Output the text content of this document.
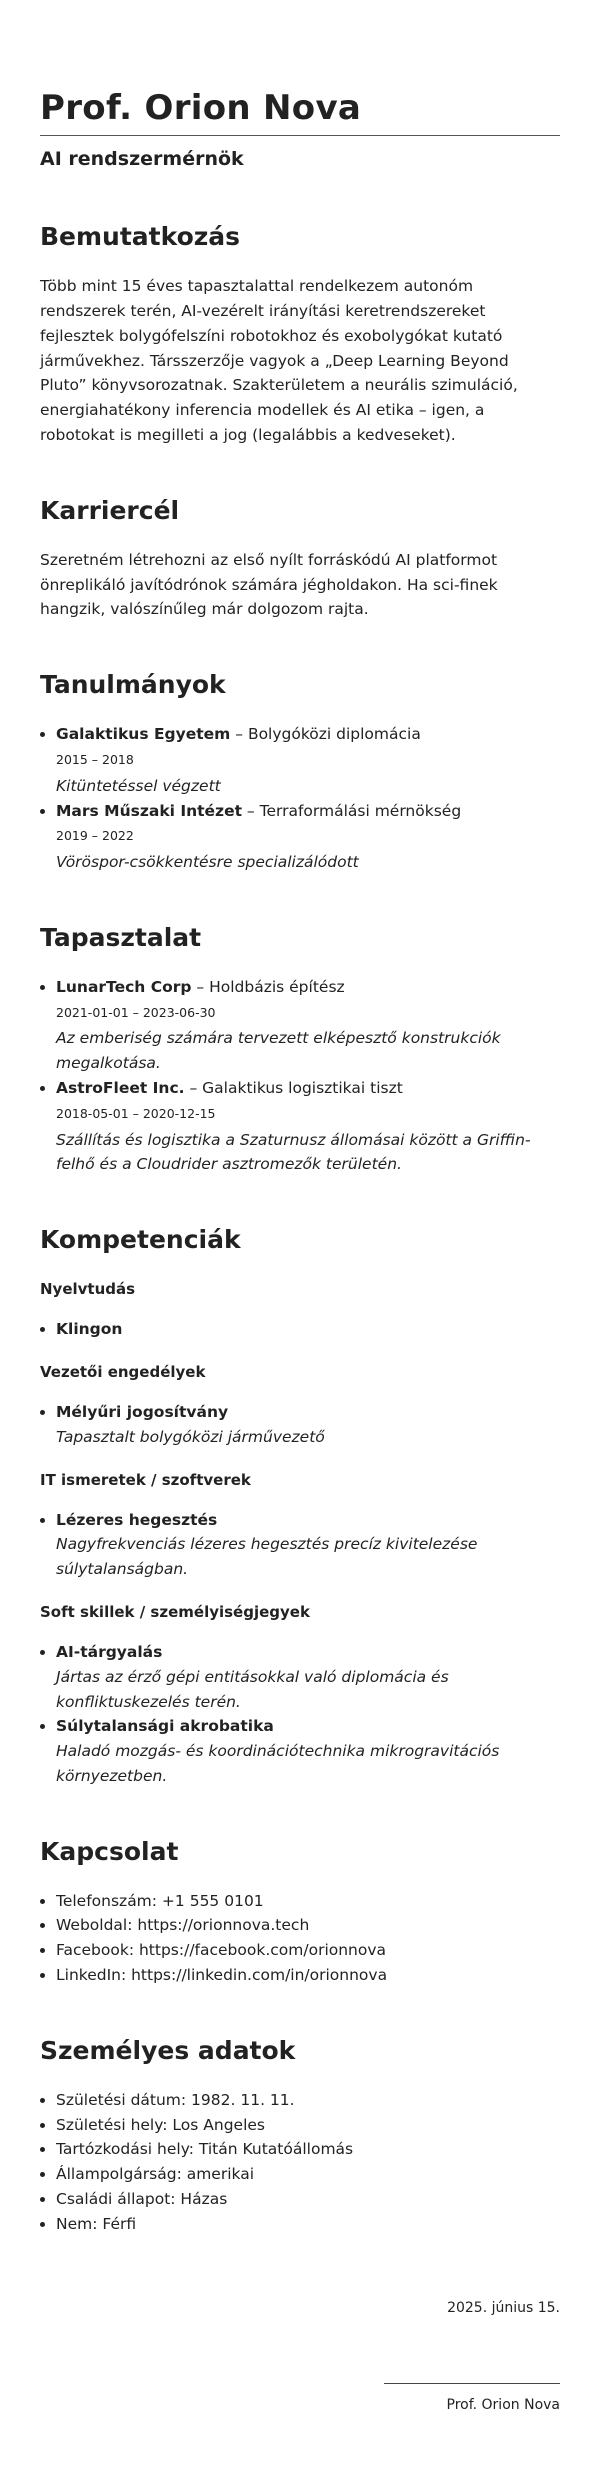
Prof. Orion Nova
AI rendszermérnök
Bemutatkozás

Több mint 15 éves tapasztalattal rendelkezem autonóm rendszerek terén, AI-vezérelt irányítási keretrendszereket fejlesztek bolygófelszíni robotokhoz és exobolygókat kutató járművekhez. Társszerzője vagyok a „Deep Learning Beyond Pluto” könyvsorozatnak. Szakterületem a neurális szimuláció, energiahatékony inferencia modellek és AI etika – igen, a robotokat is megilleti a jog (legalábbis a kedveseket).

Karriercél

Szeretném létrehozni az első nyílt forráskódú AI platformot önreplikáló javítódrónok számára jégholdakon. Ha sci-finek hangzik, valószínűleg már dolgozom rajta.

Tanulmányok
• Galaktikus Egyetem – Bolygóközi diplomácia
2015 – 2018
Kitüntetéssel végzett
• Mars Műszaki Intézet – Terraformálási mérnökség
2019 – 2022
Vöröspor-csökkentésre specializálódott
Tapasztalat
• LunarTech Corp – Holdbázis építész
2021-01-01 – 2023-06-30
Az emberiség számára tervezett elképesztő konstrukciók megalkotása.
• AstroFleet Inc. – Galaktikus logisztikai tiszt
2018-05-01 – 2020-12-15
Szállítás és logisztika a Szaturnusz állomásai között a Griffin-felhő és a Cloudrider asztromezők területén.
Kompetenciák
Nyelvtudás
• Klingon
Vezetői engedélyek
• Mélyűri jogosítvány
Tapasztalt bolygóközi járművezető
IT ismeretek / szoftverek
• Lézeres hegesztés
Nagyfrekvenciás lézeres hegesztés precíz kivitelezése súlytalanságban.
Soft skillek / személyiségjegyek
• AI-tárgyalás
Jártas az érző gépi entitásokkal való diplomácia és konfliktuskezelés terén.
• Súlytalansági akrobatika
Haladó mozgás- és koordinációtechnika mikrogravitációs környezetben.
Kapcsolat
• Telefonszám: +1 555 0101
• Weboldal: https://orionnova.tech
• Facebook: https://facebook.com/orionnova
• LinkedIn: https://linkedin.com/in/orionnova
Személyes adatok
• Születési dátum: 1982. 11. 11.
• Születési hely: Los Angeles
• Tartózkodási hely: Titán Kutatóállomás
• Állampolgárság: amerikai
• Családi állapot: Házas
• Nem: Férfi
2025. június 15.
Prof. Orion Nova
